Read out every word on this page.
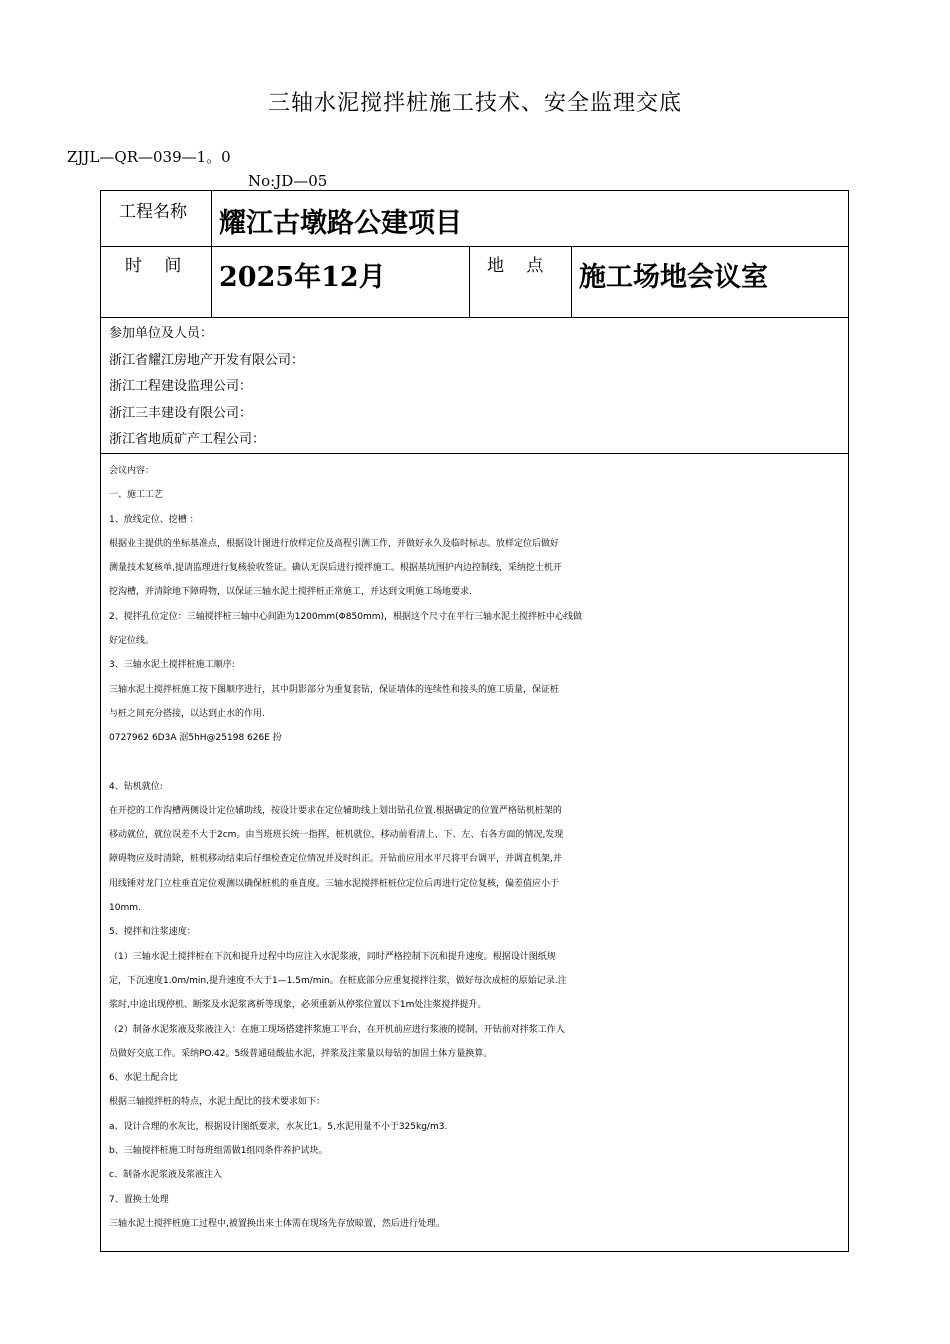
三轴水泥搅拌桩施工技术、安全监理交底
ZJJL—QR—039—1。0
No:JD—05
工程名称 耀江古墩路公建项目
时　 间 2025年12月	地　 点 施工场地会议室
参加单位及人员：
浙江省耀江房地产开发有限公司：
浙江工程建设监理公司：
浙江三丰建设有限公司：
浙江省地质矿产工程公司：
会议内容：
一、施工工艺
1、放线定位、挖槽 ：
根据业主提供的坐标基准点，根据设计图进行放样定位及高程引测工作，并做好永久及临时标志。放样定位后做好
测量技术复核单,提请监理进行复核验收签证。确认无误后进行搅拌施工。根据基坑围护内边控制线，采纳挖土机开
挖沟槽，并清除地下障碍物，以保证三轴水泥土搅拌桩正常施工，并达到文明施工场地要求.
2、搅拌孔位定位：三轴搅拌桩三轴中心间距为1200mm(Φ850mm)，根据这个尺寸在平行三轴水泥土搅拌桩中心线做
好定位线。
3、三轴水泥土搅拌桩施工顺序:
三轴水泥土搅拌桩施工按下图顺序进行，其中阴影部分为重复套钻，保证墙体的连续性和接头的施工质量，保证桩
与桩之间充分搭接，以达到止水的作用.
0727962 6D3A 涺5hH@25198 626E 扮
4、钻机就位:
在开挖的工作沟槽两侧设计定位辅助线，按设计要求在定位辅助线上划出钻孔位置.根据确定的位置严格钻机桩架的
移动就位，就位误差不大于2cm。由当班班长统一指挥，桩机就位，移动前看清上、下、左、右各方面的情况,发现
障碍物应及时清除，桩机移动结束后仔细检查定位情况并及时纠正。开钻前应用水平尺将平台调平，并调直机架,并
用线锤对龙门立柱垂直定位观测以确保桩机的垂直度。三轴水泥搅拌桩桩位定位后再进行定位复核，偏差值应小于
10mm.
5、搅拌和注浆速度：
（1）三轴水泥土搅拌桩在下沉和提升过程中均应注入水泥浆液，同时严格控制下沉和提升速度。根据设计图纸规
定，下沉速度1.0m/min,提升速度不大于1—1.5m/min。在桩底部分应重复搅拌注浆，做好每次成桩的原始记录.注
浆时,中途出现停机、断浆及水泥浆离析等现象，必须重新从停浆位置以下1m处注浆搅拌提升。
（2）制备水泥浆液及浆液注入：在施工现场搭建拌浆施工平台，在开机前应进行浆液的搅制，开钻前对拌浆工作人
员做好交底工作。采纳PO.42。5级普通硅酸盐水泥，拌浆及注浆量以每钻的加固土体方量换算。
6、水泥土配合比
根据三轴搅拌桩的特点，水泥土配比的技术要求如下：
a、设计合理的水灰比，根据设计图纸要求，水灰比1。5,水泥用量不小于325kg/m3.
b、三轴搅拌桩施工时每班组需做1组同条件养护试块。
c、制备水泥浆液及浆液注入
7、置换土处理
三轴水泥土搅拌桩施工过程中,被置换出来土体需在现场先存放晾置，然后进行处理。
